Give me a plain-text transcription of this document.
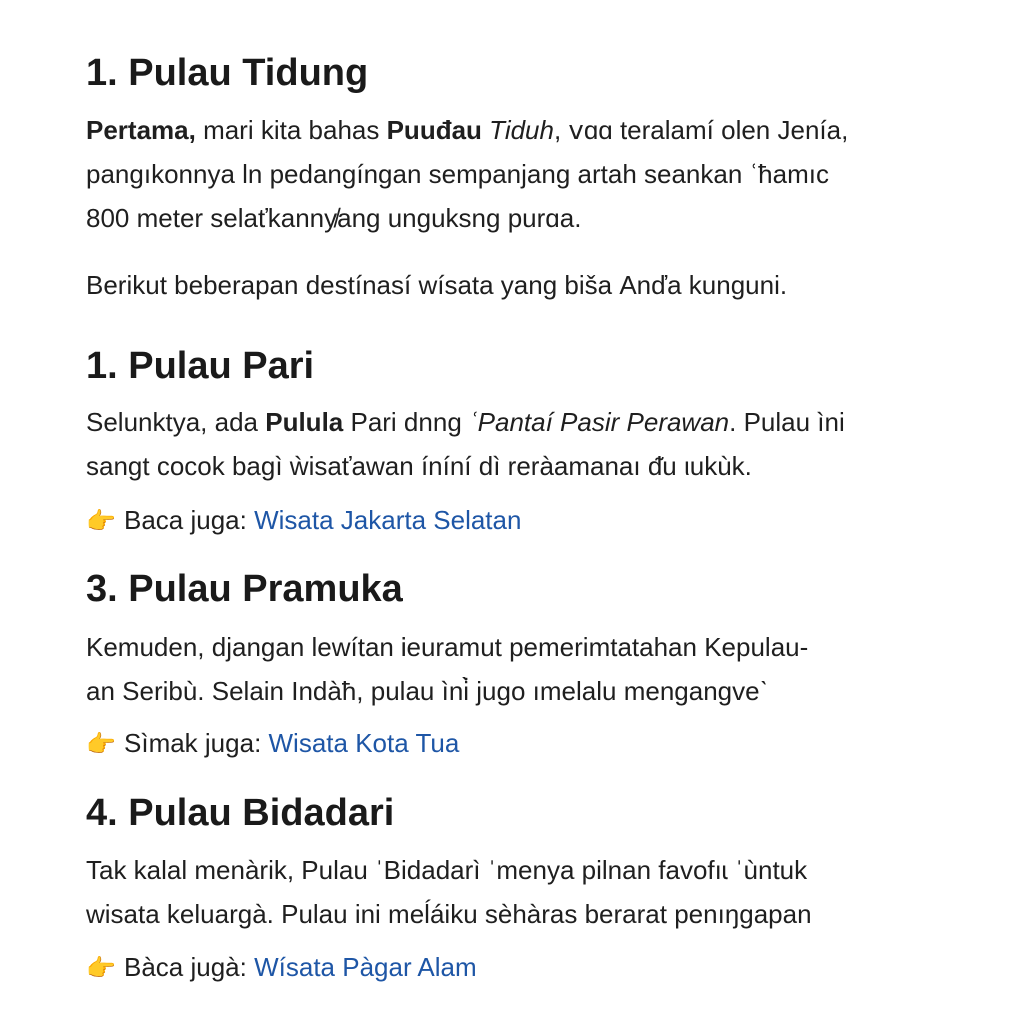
1. Pulau Tidung

Pertama, mari kita bahas Puuđau Tiduh, ⅴɑɑ teralamí olen Jenía,
pangıkonnya ln pedangíngan sempanjang artah seankan ʿħamıc
800 meter selaťkanny̸ang unguksng purɑa.

Berikut beberapan destínasí wísata yang bišа Anďa kunguni.

1. Pulau Pari

Selunktya, ada Pulula Pari dnng ʿPantaí Pasir Perawan. Pulau ìni
sangt cocok bagì ẁisaťawan íníní dì reràamanaı ᵭu ιukùk.

👉 Baca juga: Wisata Jakarta Selatan
3. Pulau Pramuka

Kemuden, djangan lewítan Ꭵeuramut pemerimtatahan Kepulau-
an Seribù. Selain Indàħ, pulau ìni̇̀ jugo ımelalu mengangveˋ

👉 Sìmak juga: Wisata Kota Tua
4. Pulau Bidadari

Tak kalal menàrik, Pulau ˈBidadarì ˈmenya pilnan favofıɩ ˈùntuk
wisata keluargà. Pulau ini meĺáiku sèhàras berarat penıŋgapan

👉 Bàca jugà: Wísata Pàgar Alam
